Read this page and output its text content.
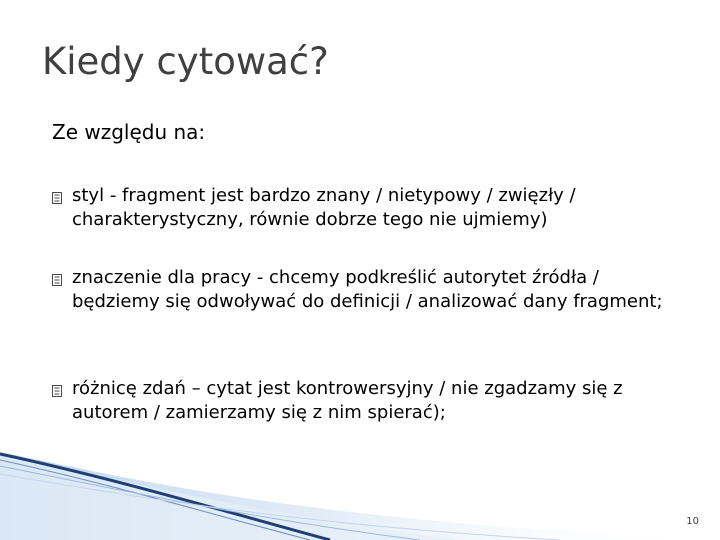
Kiedy cytować?
Ze względu na:
styl - fragment jest bardzo znany / nietypowy / zwięzły / charakterystyczny, równie dobrze tego nie ujmiemy)
znaczenie dla pracy - chcemy podkreślić autorytet źródła / będziemy się odwoływać do definicji / analizować dany fragment;
różnicę zdań – cytat jest kontrowersyjny / nie zgadzamy się z autorem / zamierzamy się z nim spierać);
10
